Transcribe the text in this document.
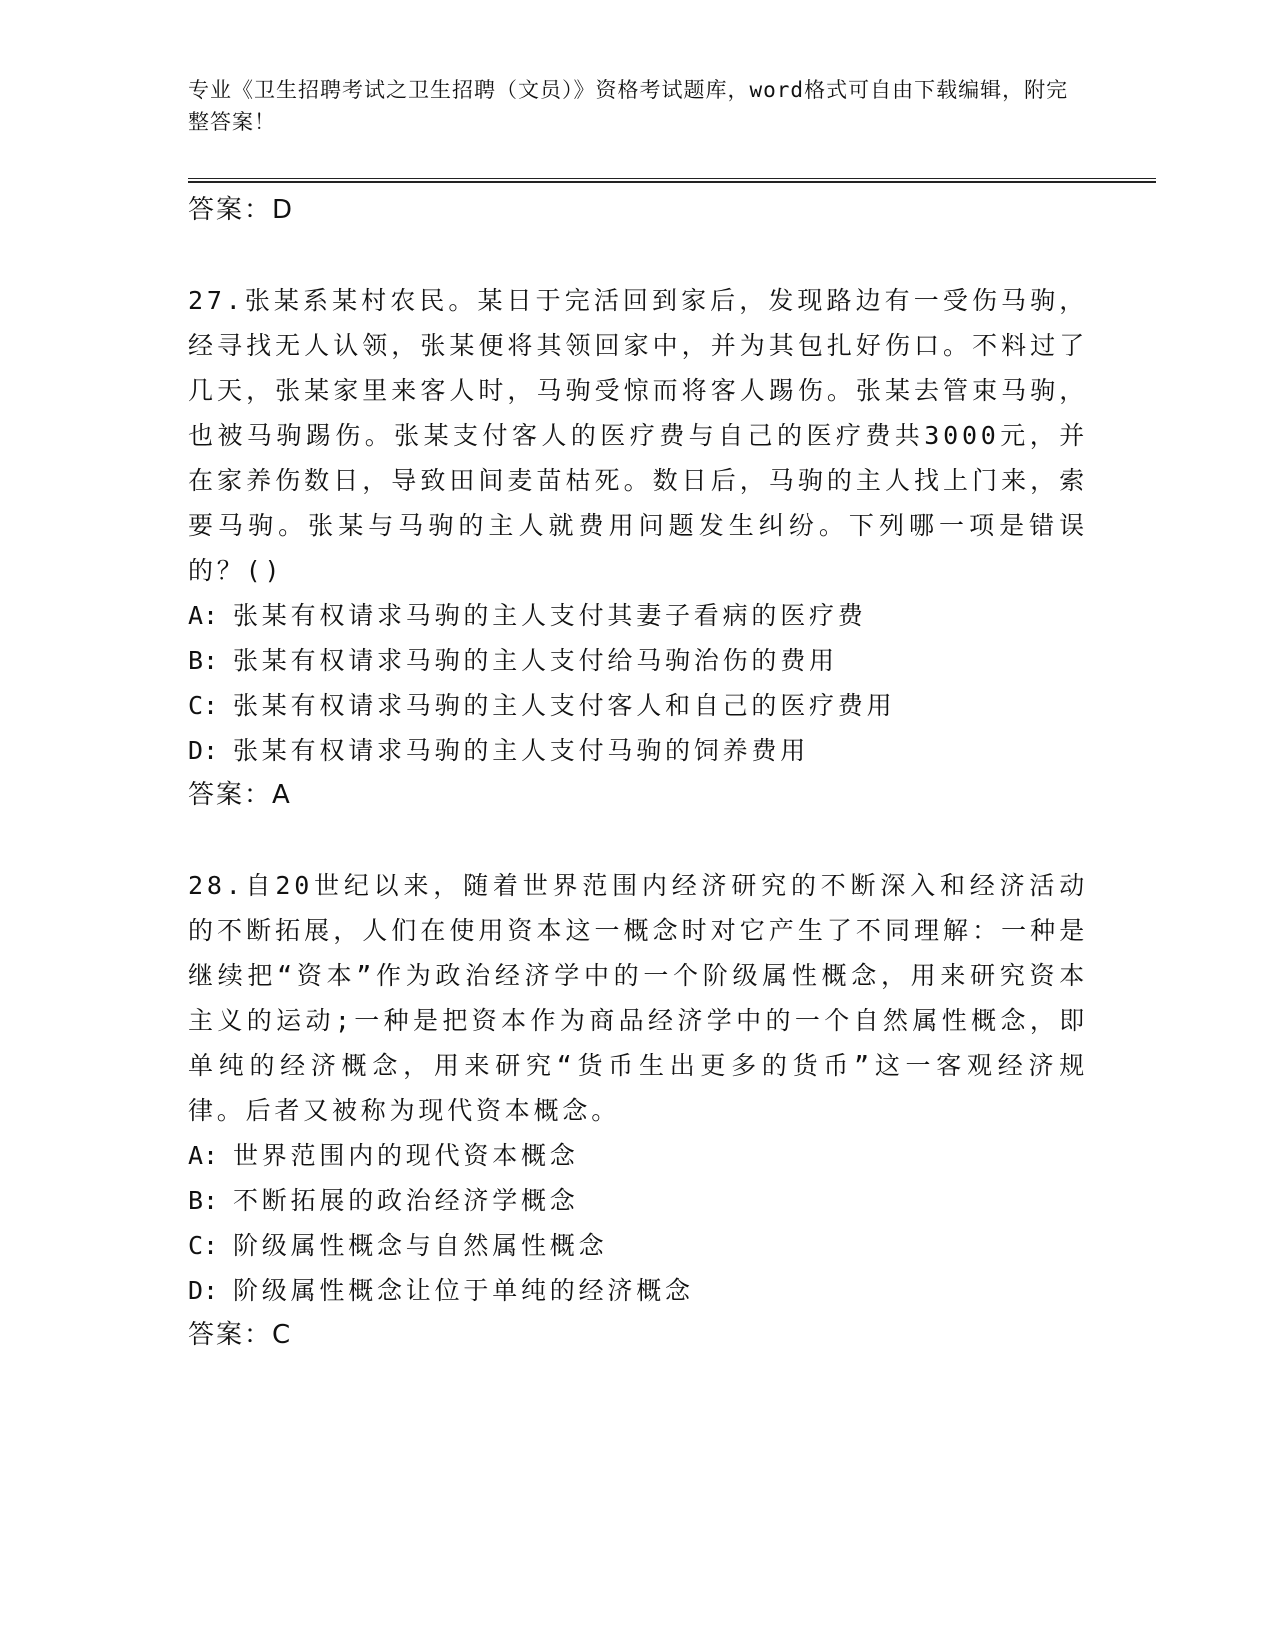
专业《卫生招聘考试之卫生招聘（文员）》资格考试题库，word格式可自由下载编辑，附完整答案！

答案：D

27.张某系某村农民。某日于完活回到家后，发现路边有一受伤马驹，经寻找无人认领，张某便将其领回家中，并为其包扎好伤口。不料过了几天，张某家里来客人时，马驹受惊而将客人踢伤。张某去管束马驹，也被马驹踢伤。张某支付客人的医疗费与自己的医疗费共3000元，并在家养伤数日，导致田间麦苗枯死。数日后，马驹的主人找上门来，索要马驹。张某与马驹的主人就费用问题发生纠纷。下列哪一项是错误的？()

A: 张某有权请求马驹的主人支付其妻子看病的医疗费

B: 张某有权请求马驹的主人支付给马驹治伤的费用

C: 张某有权请求马驹的主人支付客人和自己的医疗费用

D: 张某有权请求马驹的主人支付马驹的饲养费用

答案：A

28.自20世纪以来，随着世界范围内经济研究的不断深入和经济活动的不断拓展，人们在使用资本这一概念时对它产生了不同理解：一种是继续把“资本”作为政治经济学中的一个阶级属性概念，用来研究资本主义的运动;一种是把资本作为商品经济学中的一个自然属性概念，即单纯的经济概念，用来研究“货币生出更多的货币”这一客观经济规律。后者又被称为现代资本概念。

A: 世界范围内的现代资本概念

B: 不断拓展的政治经济学概念

C: 阶级属性概念与自然属性概念

D: 阶级属性概念让位于单纯的经济概念

答案：C
